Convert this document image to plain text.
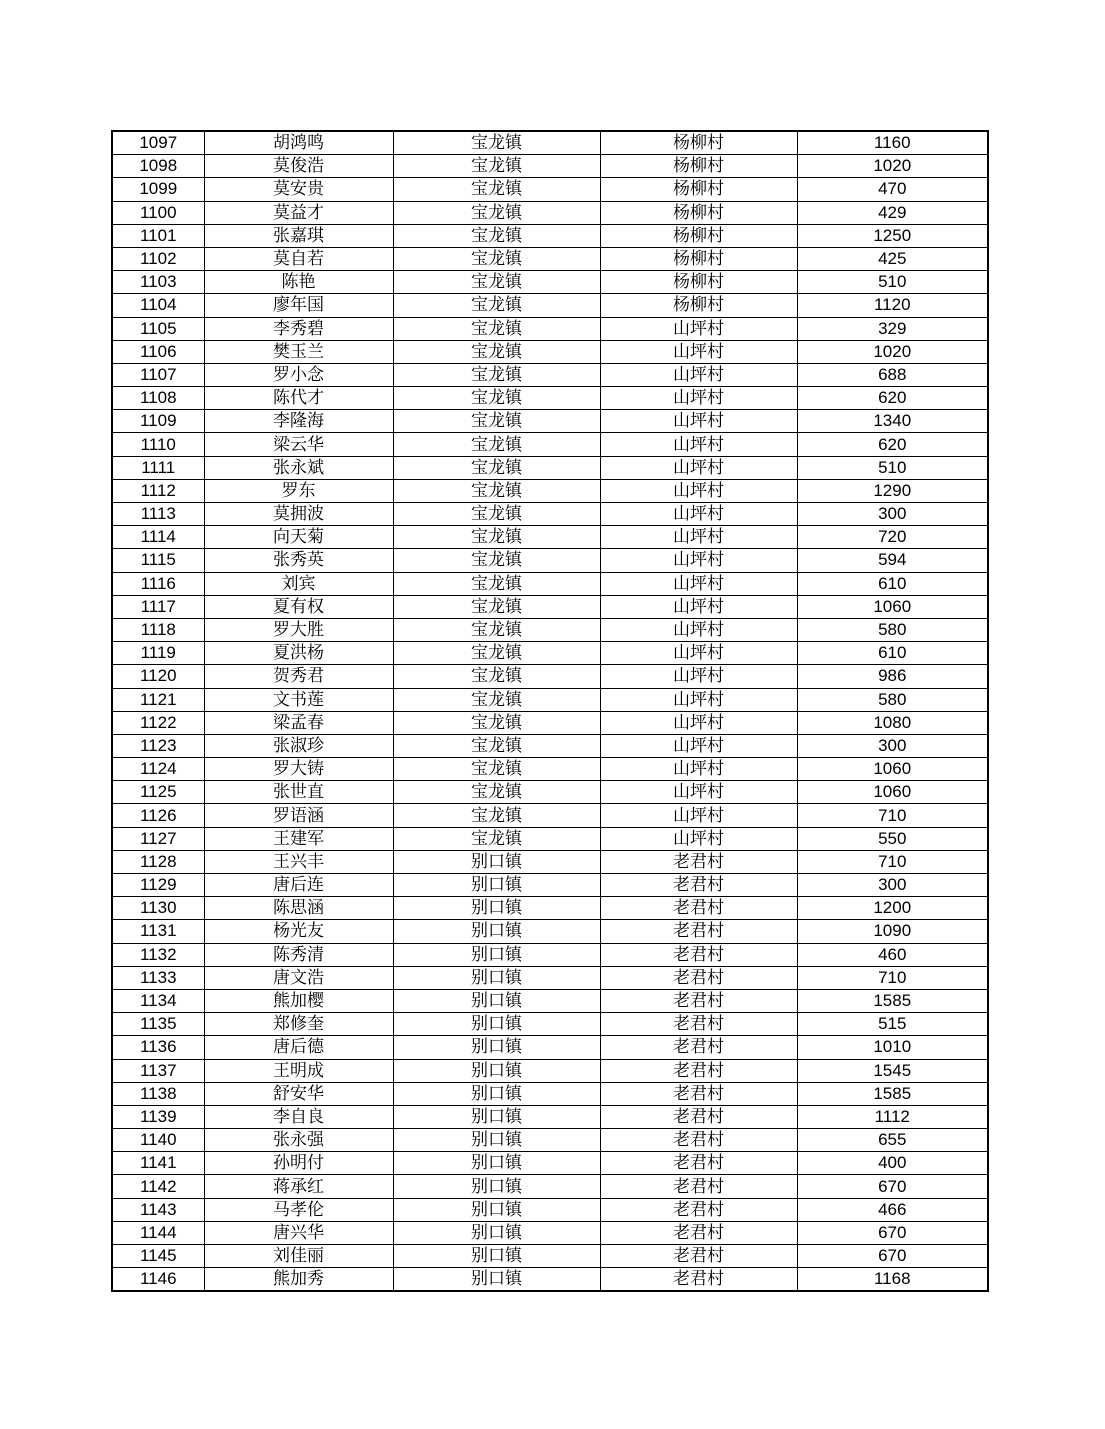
1097	胡鸿鸣	宝龙镇	杨柳村	1160
1098	莫俊浩	宝龙镇	杨柳村	1020
1099	莫安贵	宝龙镇	杨柳村	470
1100	莫益才	宝龙镇	杨柳村	429
1101	张嘉琪	宝龙镇	杨柳村	1250
1102	莫自若	宝龙镇	杨柳村	425
1103	陈艳	宝龙镇	杨柳村	510
1104	廖年国	宝龙镇	杨柳村	1120
1105	李秀碧	宝龙镇	山坪村	329
1106	樊玉兰	宝龙镇	山坪村	1020
1107	罗小念	宝龙镇	山坪村	688
1108	陈代才	宝龙镇	山坪村	620
1109	李隆海	宝龙镇	山坪村	1340
1110	梁云华	宝龙镇	山坪村	620
1111	张永斌	宝龙镇	山坪村	510
1112	罗东	宝龙镇	山坪村	1290
1113	莫拥波	宝龙镇	山坪村	300
1114	向天菊	宝龙镇	山坪村	720
1115	张秀英	宝龙镇	山坪村	594
1116	刘宾	宝龙镇	山坪村	610
1117	夏有权	宝龙镇	山坪村	1060
1118	罗大胜	宝龙镇	山坪村	580
1119	夏洪杨	宝龙镇	山坪村	610
1120	贺秀君	宝龙镇	山坪村	986
1121	文书莲	宝龙镇	山坪村	580
1122	梁孟春	宝龙镇	山坪村	1080
1123	张淑珍	宝龙镇	山坪村	300
1124	罗大铸	宝龙镇	山坪村	1060
1125	张世直	宝龙镇	山坪村	1060
1126	罗语涵	宝龙镇	山坪村	710
1127	王建军	宝龙镇	山坪村	550
1128	王兴丰	别口镇	老君村	710
1129	唐后连	别口镇	老君村	300
1130	陈思涵	别口镇	老君村	1200
1131	杨光友	别口镇	老君村	1090
1132	陈秀清	别口镇	老君村	460
1133	唐文浩	别口镇	老君村	710
1134	熊加樱	别口镇	老君村	1585
1135	郑修奎	别口镇	老君村	515
1136	唐后德	别口镇	老君村	1010
1137	王明成	别口镇	老君村	1545
1138	舒安华	别口镇	老君村	1585
1139	李自良	别口镇	老君村	1112
1140	张永强	别口镇	老君村	655
1141	孙明付	别口镇	老君村	400
1142	蒋承红	别口镇	老君村	670
1143	马孝伦	别口镇	老君村	466
1144	唐兴华	别口镇	老君村	670
1145	刘佳丽	别口镇	老君村	670
1146	熊加秀	别口镇	老君村	1168
